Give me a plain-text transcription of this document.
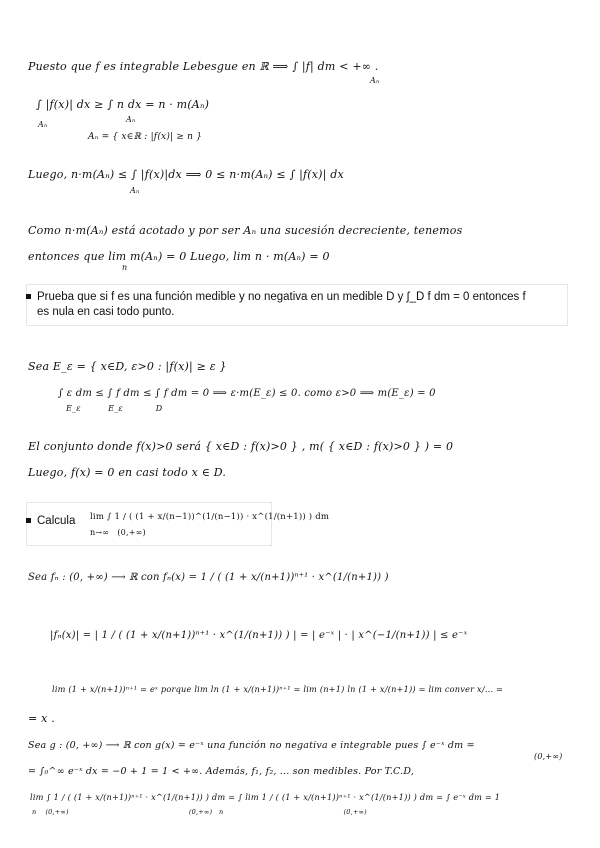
Puesto que f es integrable Lebesgue en ℝ ⟹ ∫ |f| dm < +∞ .
Aₙ
∫ |f(x)| dx ≥ ∫ n dx = n · m(Aₙ)
Aₙ
Aₙ
Aₙ = { x∈ℝ : |f(x)| ≥ n }
Luego, n·m(Aₙ) ≤ ∫ |f(x)|dx ⟹ 0 ≤ n·m(Aₙ) ≤ ∫ |f(x)| dx
Aₙ
Como n·m(Aₙ) está acotado y por ser Aₙ una sucesión decreciente, tenemos
entonces que lim m(Aₙ) = 0 Luego, lim n · m(Aₙ) = 0
n
Prueba que si f es una función medible y no negativa en un medible D y ∫_D f dm = 0 entonces f
es nula en casi todo punto.
Sea E_ε = { x∈D, ε>0 : |f(x)| ≥ ε }
∫ ε dm ≤ ∫ f dm ≤ ∫ f dm = 0 ⟹ ε·m(E_ε) ≤ 0. como ε>0 ⟹ m(E_ε) = 0
E_ε          E_ε            D
El conjunto donde f(x)>0 será { x∈D : f(x)>0 } , m( { x∈D : f(x)>0 } ) = 0
Luego, f(x) = 0 en casi todo x ∈ D.
Calcula lim ∫ 1 / ( (1 + x/(n−1))^(1/(n−1)) · x^(1/(n+1)) ) dm
n→∞   (0,+∞)
Sea fₙ : (0, +∞) ⟶ ℝ con fₙ(x) = 1 / ( (1 + x/(n+1))ⁿ⁺¹ · x^(1/(n+1)) )
|fₙ(x)| = | 1 / ( (1 + x/(n+1))ⁿ⁺¹ · x^(1/(n+1)) ) | = | e⁻ˣ | · | x^(−1/(n+1)) | ≤ e⁻ˣ
lim (1 + x/(n+1))ⁿ⁺¹ = eˣ porque lim ln (1 + x/(n+1))ⁿ⁺¹ = lim (n+1) ln (1 + x/(n+1)) = lim conver x/... =
= x .
Sea g : (0, +∞) ⟶ ℝ con g(x) = e⁻ˣ una función no negativa e integrable pues ∫ e⁻ˣ dm =
(0,+∞)
= ∫₀^∞ e⁻ˣ dx = −0 + 1 = 1 < +∞. Además, f₁, f₂, ... son medibles. Por T.C.D,
lim ∫ 1 / ( (1 + x/(n+1))ⁿ⁺¹ · x^(1/(n+1)) ) dm = ∫ lim 1 / ( (1 + x/(n+1))ⁿ⁺¹ · x^(1/(n+1)) ) dm = ∫ e⁻ˣ dm = 1
n    (0,+∞)                                                     (0,+∞)   n                                                     (0,+∞)
